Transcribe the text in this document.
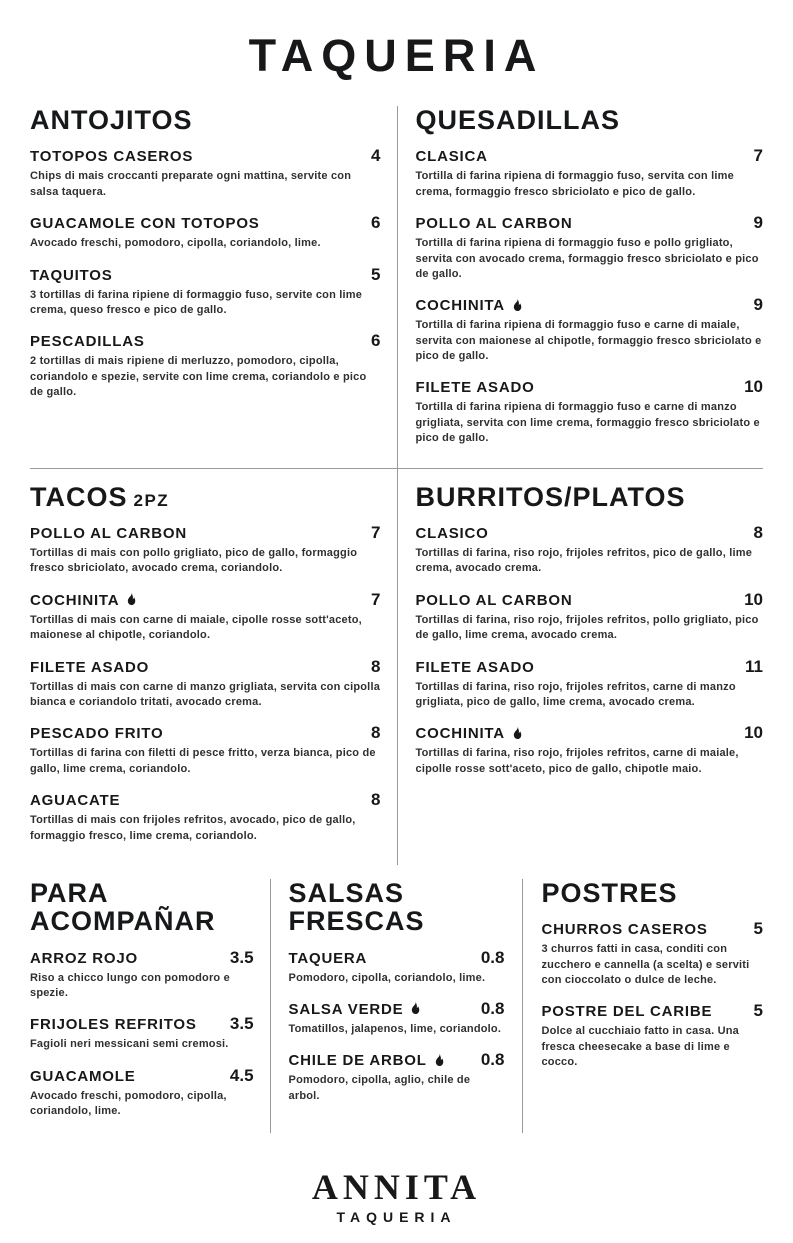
TAQUERIA
ANTOJITOS
TOTOPOS CASEROS	4

Chips di mais croccanti preparate ogni mattina, servite con salsa taquera.

GUACAMOLE CON TOTOPOS	6

Avocado freschi, pomodoro, cipolla, coriandolo, lime.

TAQUITOS	5

3 tortillas di farina ripiene di formaggio fuso, servite con lime crema, queso fresco e pico de gallo.

PESCADILLAS	6

2 tortillas di mais ripiene di merluzzo, pomodoro, cipolla, coriandolo e spezie, servite con lime crema, coriandolo e pico de gallo.

QUESADILLAS
CLASICA	7

Tortilla di farina ripiena di formaggio fuso, servita con lime crema, formaggio fresco sbriciolato e pico de gallo.

POLLO AL CARBON	9

Tortilla di farina ripiena di formaggio fuso e pollo grigliato, servita con avocado crema, formaggio fresco sbriciolato e pico de gallo.

COCHINITA	9

Tortilla di farina ripiena di formaggio fuso e carne di maiale, servita con maionese al chipotle, formaggio fresco sbriciolato e pico de gallo.

FILETE ASADO	10

Tortilla di farina ripiena di formaggio fuso e carne di manzo grigliata, servita con lime crema, formaggio fresco sbriciolato e pico de gallo.

TACOS 2PZ
POLLO AL CARBON	7

Tortillas di mais con pollo grigliato, pico de gallo, formaggio fresco sbriciolato, avocado crema, coriandolo.

COCHINITA	7

Tortillas di mais con carne di maiale, cipolle rosse sott'aceto, maionese al chipotle, coriandolo.

FILETE ASADO	8

Tortillas di mais con carne di manzo grigliata, servita con cipolla bianca e coriandolo tritati, avocado crema.

PESCADO FRITO	8

Tortillas di farina con filetti di pesce fritto, verza bianca, pico de gallo, lime crema, coriandolo.

AGUACATE	8

Tortillas di mais con frijoles refritos, avocado, pico de gallo, formaggio fresco, lime crema, coriandolo.

BURRITOS/PLATOS
CLASICO	8

Tortillas di farina, riso rojo, frijoles refritos, pico de gallo, lime crema, avocado crema.

POLLO AL CARBON	10

Tortillas di farina, riso rojo, frijoles refritos, pollo grigliato, pico de gallo, lime crema, avocado crema.

FILETE ASADO	11

Tortillas di farina, riso rojo, frijoles refritos, carne di manzo grigliata, pico de gallo, lime crema, avocado crema.

COCHINITA	10

Tortillas di farina, riso rojo, frijoles refritos, carne di maiale, cipolle rosse sott'aceto, pico de gallo, chipotle maio.

PARA ACOMPAÑAR
ARROZ ROJO	3.5

Riso a chicco lungo con pomodoro e spezie.

FRIJOLES REFRITOS	3.5

Fagioli neri messicani semi cremosi.

GUACAMOLE	4.5

Avocado freschi, pomodoro, cipolla, coriandolo, lime.

SALSAS FRESCAS
TAQUERA	0.8

Pomodoro, cipolla, coriandolo, lime.

SALSA VERDE	0.8

Tomatillos, jalapenos, lime, coriandolo.

CHILE DE ARBOL	0.8

Pomodoro, cipolla, aglio, chile de arbol.

POSTRES
CHURROS CASEROS	5

3 churros fatti in casa, conditi con zucchero e cannella (a scelta) e serviti con cioccolato o dulce de leche.

POSTRE DEL CARIBE	5

Dolce al cucchiaio fatto in casa. Una fresca cheesecake a base di lime e cocco.

ANNITA
TAQUERIA
